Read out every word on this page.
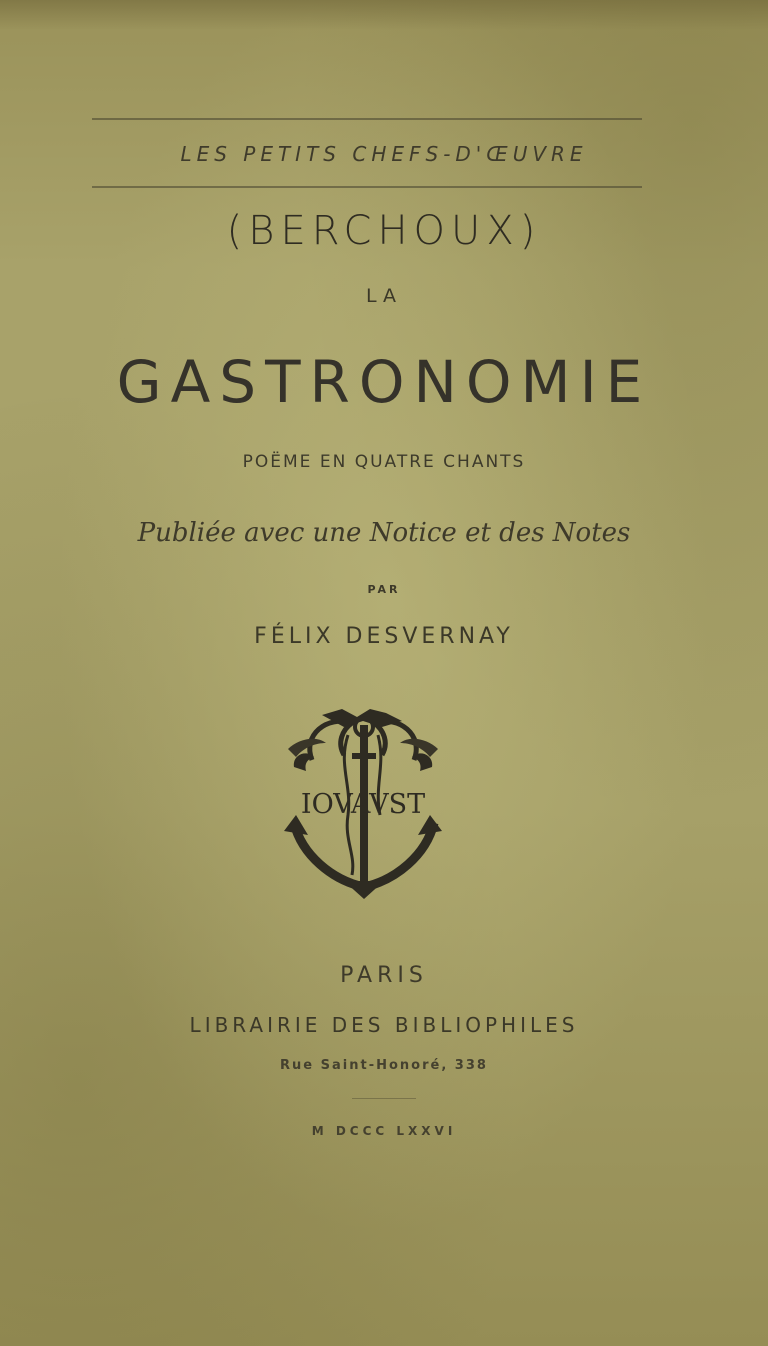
LES PETITS CHEFS-D'ŒUVRE
(BERCHOUX)
LA
GASTRONOMIE
POËME EN QUATRE CHANTS
Publiée avec une Notice et des Notes
PAR
FÉLIX DESVERNAY
IOVAVST
PARIS
LIBRAIRIE DES BIBLIOPHILES
Rue Saint-Honoré, 338
M DCCC LXXVI
